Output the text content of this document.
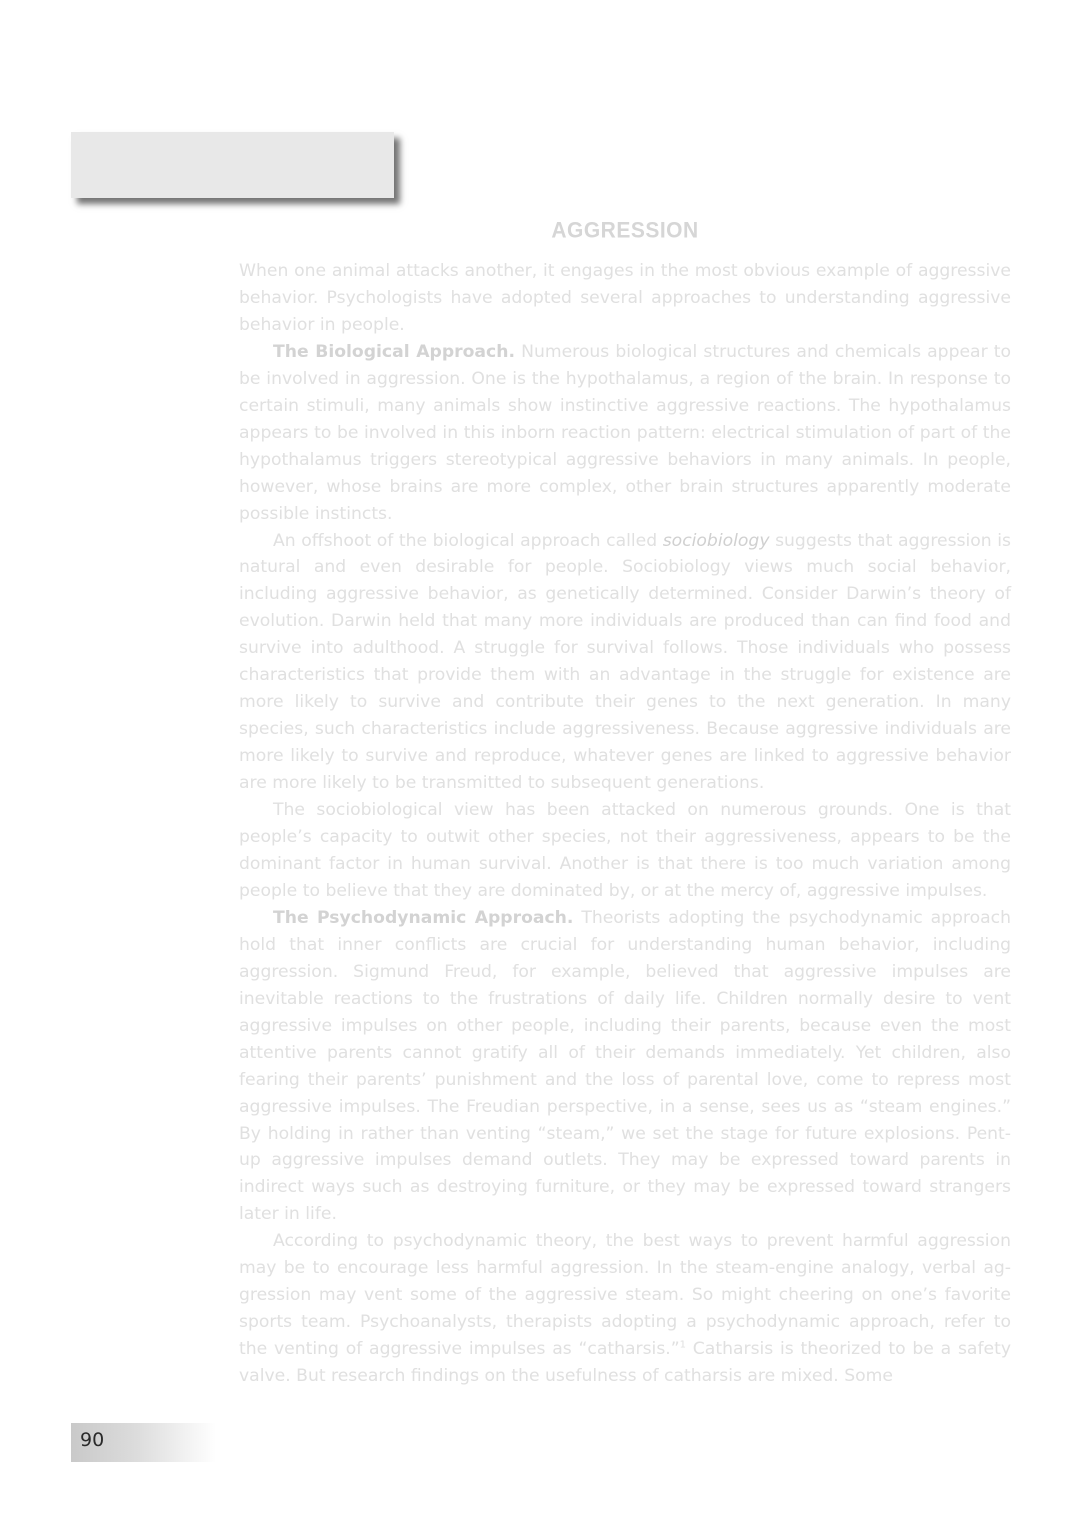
AGGRESSION

When one animal attacks another, it engages in the most obvious example of aggressive behavior. Psychologists have adopted several approaches to understanding aggressive behavior in people.

The Biological Approach. Numerous biological structures and chemicals appear to be involved in aggression. One is the hypothalamus, a region of the brain. In response to certain stimuli, many animals show instinctive aggressive reactions. The hypothalamus appears to be involved in this inborn reaction pattern: electrical stimulation of part of the hypothalamus triggers stereotypical aggressive behaviors in many animals. In people, however, whose brains are more complex, other brain structures apparently moderate possible instincts.

An offshoot of the biological approach called sociobiology suggests that aggression is natural and even desirable for people. Sociobiology views much social behavior, including aggressive behavior, as genetically determined. Consider Darwin’s theory of evolution. Darwin held that many more individuals are produced than can find food and survive into adulthood. A struggle for survival follows. Those individuals who possess characteristics that provide them with an advantage in the struggle for existence are more likely to survive and contribute their genes to the next generation. In many species, such characteristics include aggressiveness. Because aggressive individuals are more likely to survive and reproduce, whatever genes are linked to aggressive behavior are more likely to be transmitted to subsequent generations.

The sociobiological view has been attacked on numerous grounds. One is that people’s capacity to outwit other species, not their aggressiveness, appears to be the dominant factor in human survival. Another is that there is too much variation among people to believe that they are dominated by, or at the mercy of, aggressive impulses.

The Psychodynamic Approach. Theorists adopting the psychodynamic approach hold that inner conflicts are crucial for understanding human behavior, including aggression. Sigmund Freud, for example, believed that aggressive impulses are inevitable reactions to the frustrations of daily life. Children normally desire to vent aggressive impulses on other people, including their parents, because even the most attentive parents cannot gratify all of their demands immediately. Yet children, also fearing their parents’ punishment and the loss of parental love, come to repress most aggressive impulses. The Freudian perspective, in a sense, sees us as “steam engines.” By holding in rather than venting “steam,” we set the stage for future explosions. Pent-up aggressive impulses demand outlets. They may be expressed toward parents in indirect ways such as destroying furniture, or they may be expressed toward strangers later in life.

According to psychodynamic theory, the best ways to prevent harmful aggression may be to encourage less harmful aggression. In the steam-engine analogy, verbal aggression may vent some of the aggressive steam. So might cheering on one’s favorite sports team. Psychoanalysts, therapists adopting a psychodynamic approach, refer to the venting of aggressive impulses as “catharsis.”$^1$ Catharsis is theorized to be a safety valve. But research findings on the usefulness of catharsis are mixed. Some

90
